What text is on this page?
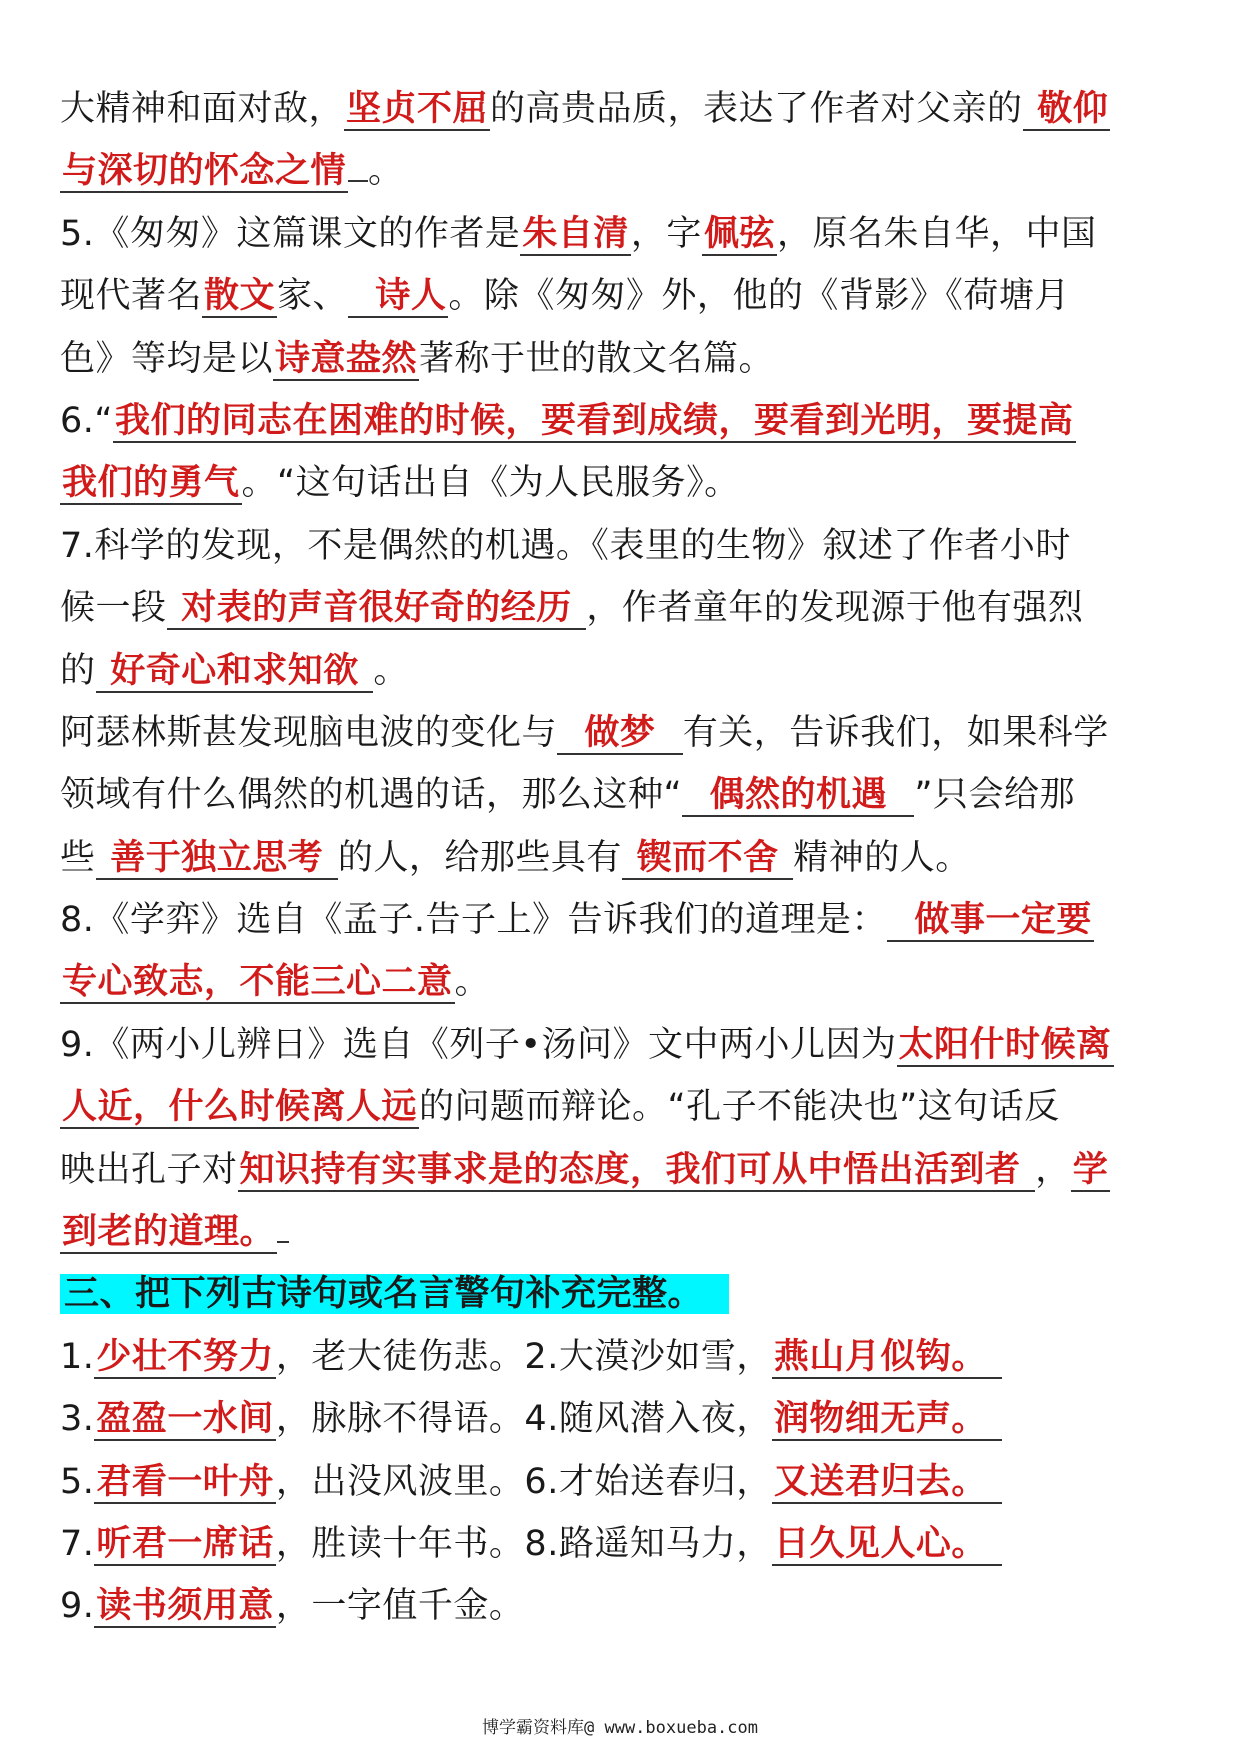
大精神和面对敌，坚贞不屈的高贵品质，表达了作者对父亲的 敬仰
与深切的怀念之情 。
5.《匆匆》这篇课文的作者是朱自清，字佩弦，原名朱自华，中国
现代著名散文家、  诗人。除《匆匆》外，他的《背影》《荷塘月
色》等均是以诗意盎然著称于世的散文名篇。
6.“我们的同志在困难的时候，要看到成绩，要看到光明，要提高
我们的勇气。“这句话出自《为人民服务》。
7.科学的发现，不是偶然的机遇。《表里的生物》叙述了作者小时
候一段 对表的声音很好奇的经历 ，作者童年的发现源于他有强烈
的 好奇心和求知欲 。
阿瑟林斯甚发现脑电波的变化与  做梦  有关，告诉我们，如果科学
领域有什么偶然的机遇的话，那么这种“  偶然的机遇  ”只会给那
些 善于独立思考 的人，给那些具有 锲而不舍 精神的人。
8.《学弈》选自《孟子.告子上》告诉我们的道理是：  做事一定要
专心致志，不能三心二意。
9.《两小儿辨日》选自《列子•汤问》文中两小儿因为太阳什时候离
人近，什么时候离人远的问题而辩论。“孔子不能决也”这句话反
映出孔子对知识持有实事求是的态度，我们可从中悟出活到者 ，学
到老的道理。
三、把下列古诗句或名言警句补充完整。
1.少壮不努力，老大徒伤悲。2.大漠沙如雪，燕山月似钩。
3.盈盈一水间，脉脉不得语。4.随风潜入夜，润物细无声。
5.君看一叶舟，出没风波里。6.才始送春归，又送君归去。
7.听君一席话，胜读十年书。8.路遥知马力，日久见人心。
9.读书须用意，一字值千金。
博学霸资料库@ www.boxueba.com
